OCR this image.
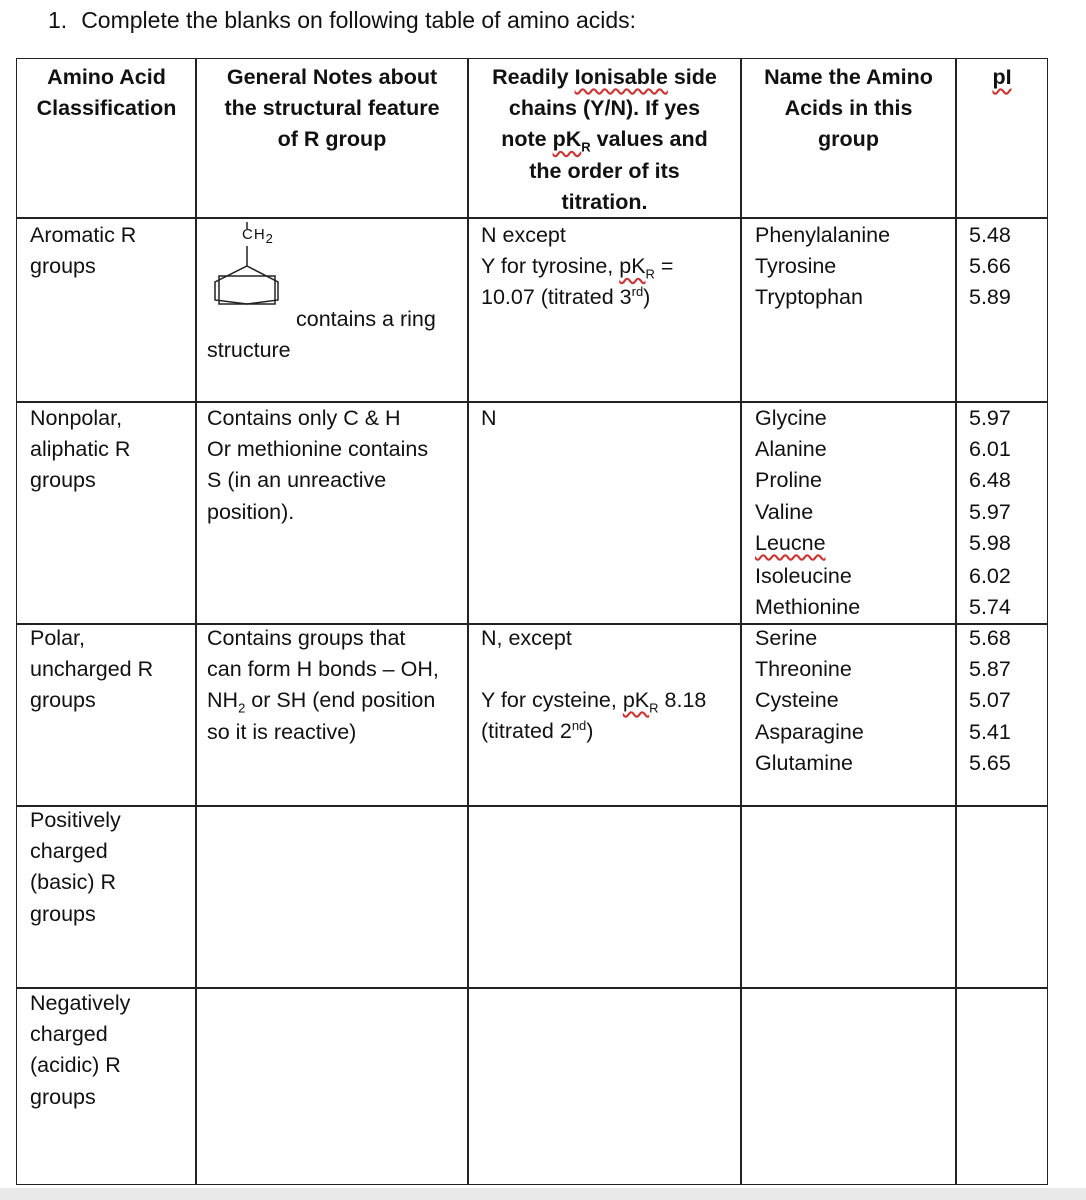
1. Complete the blanks on following table of amino acids:
Amino Acid
Classification
General Notes about
the structural feature
of R group
Readily Ionisable side
chains (Y/N). If yes
note $pK_R$ values and
the order of its
titration.
Name the Amino
Acids in this
group
pI
Aromatic R
groups
$CH_2$
contains a ring
structure
N except
Y for tyrosine, $pK_R$ =
10.07 (titrated 3rd)
Phenylalanine
Tyrosine
Tryptophan
5.48
5.66
5.89
Nonpolar,
aliphatic R
groups
Contains only C & H
Or methionine contains
S (in an unreactive
position).
N	Glycine
Alanine
Proline
Valine
Leucne
Isoleucine
Methionine
5.97
6.01
6.48
5.97
5.98
6.02
5.74
Polar,
uncharged R
groups
Contains groups that
can form H bonds – OH,
$NH_2$ or SH (end position
so it is reactive)
N, except
Y for cysteine, $pK_R$ 8.18
(titrated 2nd)
Serine
Threonine
Cysteine
Asparagine
Glutamine
5.68
5.87
5.07
5.41
5.65
Positively
charged
(basic) R
groups
Negatively
charged
(acidic) R
groups
